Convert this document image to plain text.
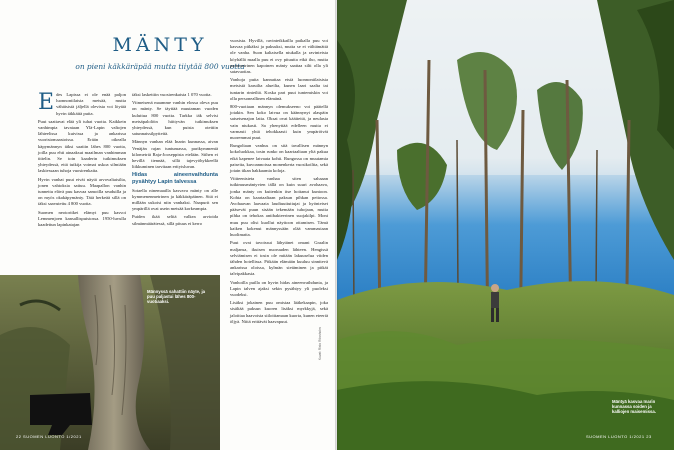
MÄNTY

on pieni käkkäräpää mutta tiiytää 800 vuotta

E des Lapissa ei ole enää paljon luonnontilaista metsää, mutta vähäisistä jäljellä olevista voi löytää hyvin iäkkäitä puita.

Puut saattavat elää yli tuhat vuotta. Kaikkein vanhimpia tavataan Ylä-Lapin valtojen lähteelissa kuivissa ja ankarissa vuoristomaastoissa. Erään oikealla käpymännyn iäksi saatiin lähes 800 vuotta, joilla puu ehti ainaaksut maailman vanhimman tittelin. Se toin kaaderin tutkimuksen yhteydessä, että tutkija voimat uskoa silmiään laskiessaan tuhoja vuosirenkaita.

Hyvin vanhat puut eivät näytä arvovaltaisilta, jonen vahtoksia sattuu. Maapallon vanhin tunnettu elävä puu kasvaa samoilla seuduilla ja on myös okakäpymänty. Tätä herkeää sillä on iäksi saavutettu 4 800 vuotta.

Suomen neotoritkei elämyt puu kasvoi Lemmenjoen kansallispuistossa. 1950-luvulla kaadettun lapinkatajan

iäksi laskettiin vuosirenkaista 1 070 vuotta.

Viimeisenä maamme vanhin elossa oleva puu on mänty. Se täyttää muutaman vuoden kuluttua 800 vuotta. Tarkka iäk selvisi metsäpalolöin hiittyvän tutkimuksen yhteydessä, kun puista otettiin satunnaissilpytteitä.

Männyn vanhan elää Inarin kunnassa, aivan Venäjän rajan tuntumassa, parikymmentä kilometriä Raja-Jooseppista etelään. Siihen ei hevillä tiennää, sillä tajevyöhykkeellä liikkuminen tarvitaan erityisluvan.

Hidas aineenvaihdunta pysähtyy Lapin talvessa

Sotaella ninemaailla kasvava mänty on alle kymmenenmetrinen ja käkkäräpäinen. Sitä ei millään uskoisi niin vanhaksi. Naapurit sen ympärillä ovat usein metsää korkeampia.

Puiden ikää selitä valkea arvioida silmänmäärätessä, sillä pituus ei kerro

vuosista. Hyvillä, ravinteikkailla paikalla puu voi kasvaa pitkäksi ja paksuksi, mutta se ei välttämättä ole vanha. Suon kaltaisella niukalla ja ravinteista köyhällä maalla puu ei ovy pituutta eikä iho, mutta parinnetrinen kapoinen mänty saattaa silti olla yli satavuotias.

Vanhoja puita kannattaa etsiä luonnontilaisista metsistä karuilta alueilta, kunen laari saalta tai tuntarin rinteiltä. Koska pari puut tuntemiskin voi olla personeallinen elämänä.

800-vuotiaan männyn olemukseeno voi päätellä jotakin. Sen koko latvua on käännynyt alaspäin satsetsenajon latta. Oksat ovat kääiteitä, ja neulasia vain niukasti. Sa yhenyttää edelleen mutta ei varmasti yhtä tehokkaasti kuin ympäröivät nuoremmat puut.

Rungoltaan vanhus on sitä tavallisen männyn kokoluokkaa, tosin runko on kaartaaltaan yltä pakua eikä kapenee latvaata kohti. Rungossa on muutamia paiseita, kuvoannoissa monenkerta vuosikoiltta, sekä jotain tikan hakkaamia koloja.

Viitteenisteta vanhaa siten sahaaan tutkimusmäntyvien iällä on kuin suuri avohaava, jonka mänty on kuitenkin itse hoitanut kuntoon. Kohta on kaartaaltaan paksun pihkan peitossa. Avohaavan laavaata laudtuuttuttujat ja hyönteiset pääsevät puun sisään tekemään tuhojaan, mutta pihka on tehokas antibakteerinen suojakilpi. Moni muu puu olisi kuollut näyttoon ottamisen. Tämä kaiken kokenut männyssään olää vammastaan huolimatta.

Puut ovat tavoissut lähytänet omani Graalin maljansa, ikuisen nuoruuden lähteen. Hengissä selviämisen ei tosin ole mitään lakuuselua viiden tähden hotellissa. Pitkään elämään kuuluu sinnitevä ankarissa oloissa, kylmän sietäminen ja pitkät talvipakkasia.

Vanhoilla puilla on hyvin hidas aineenvaihdunta, ja Lapin talven ajaksi sekin pysähtyy yli puoleksi vuodeksi.

Lisäksi jokainen puu omistaa lääkekaapin, joka sisältää paksun kuoren lisäksi myrkkyjä, sekä jaloittaa haavoista siiloittamaan kuorta, kunen eteeriä öljyä. Niitä erittävät haavapuut.

Männyssä sahattiin näyte, ja puu paljastui lähes 800-vuotiaaksi.
Kuvat: Risto Rönnholm
22 SUOMEN LUONTO 1/2021
Mäntyä kasvaa Inarin kunnassa soiden ja kalliojen maisemissa.
SUOMEN LUONTO 1/2021 23
